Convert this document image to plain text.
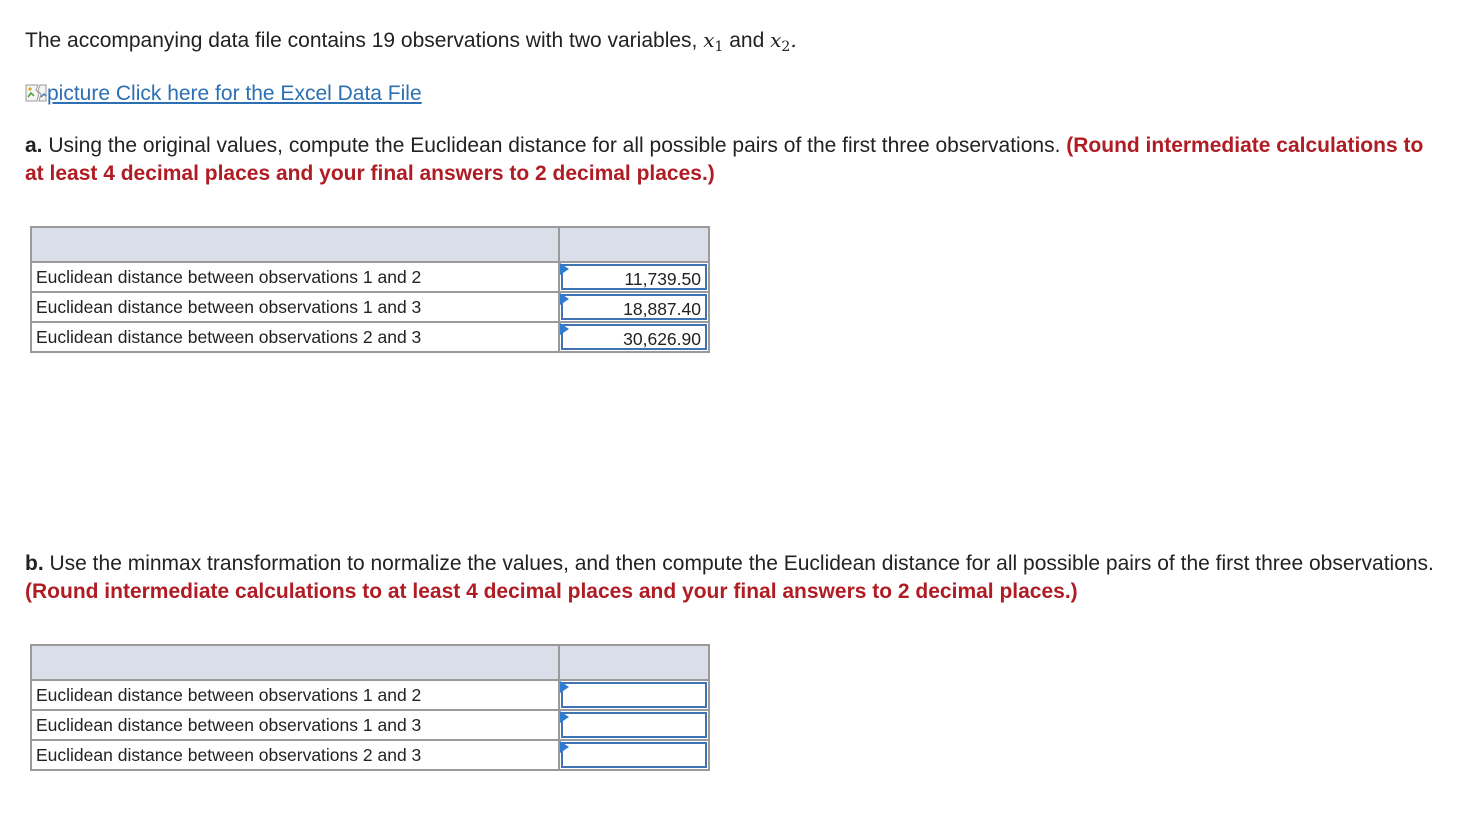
The accompanying data file contains 19 observations with two variables, $x_1$ and $x_2$.
picture Click here for the Excel Data File
a. Using the original values, compute the Euclidean distance for all possible pairs of the first three observations. (Round intermediate calculations to at least 4 decimal places and your final answers to 2 decimal places.)

Euclidean distance between observations 1 and 2	11,739.50

Euclidean distance between observations 1 and 3	18,887.40

Euclidean distance between observations 2 and 3	30,626.90
b. Use the minmax transformation to normalize the values, and then compute the Euclidean distance for all possible pairs of the first three observations. (Round intermediate calculations to at least 4 decimal places and your final answers to 2 decimal places.)

Euclidean distance between observations 1 and 2	

Euclidean distance between observations 1 and 3	

Euclidean distance between observations 2 and 3	
